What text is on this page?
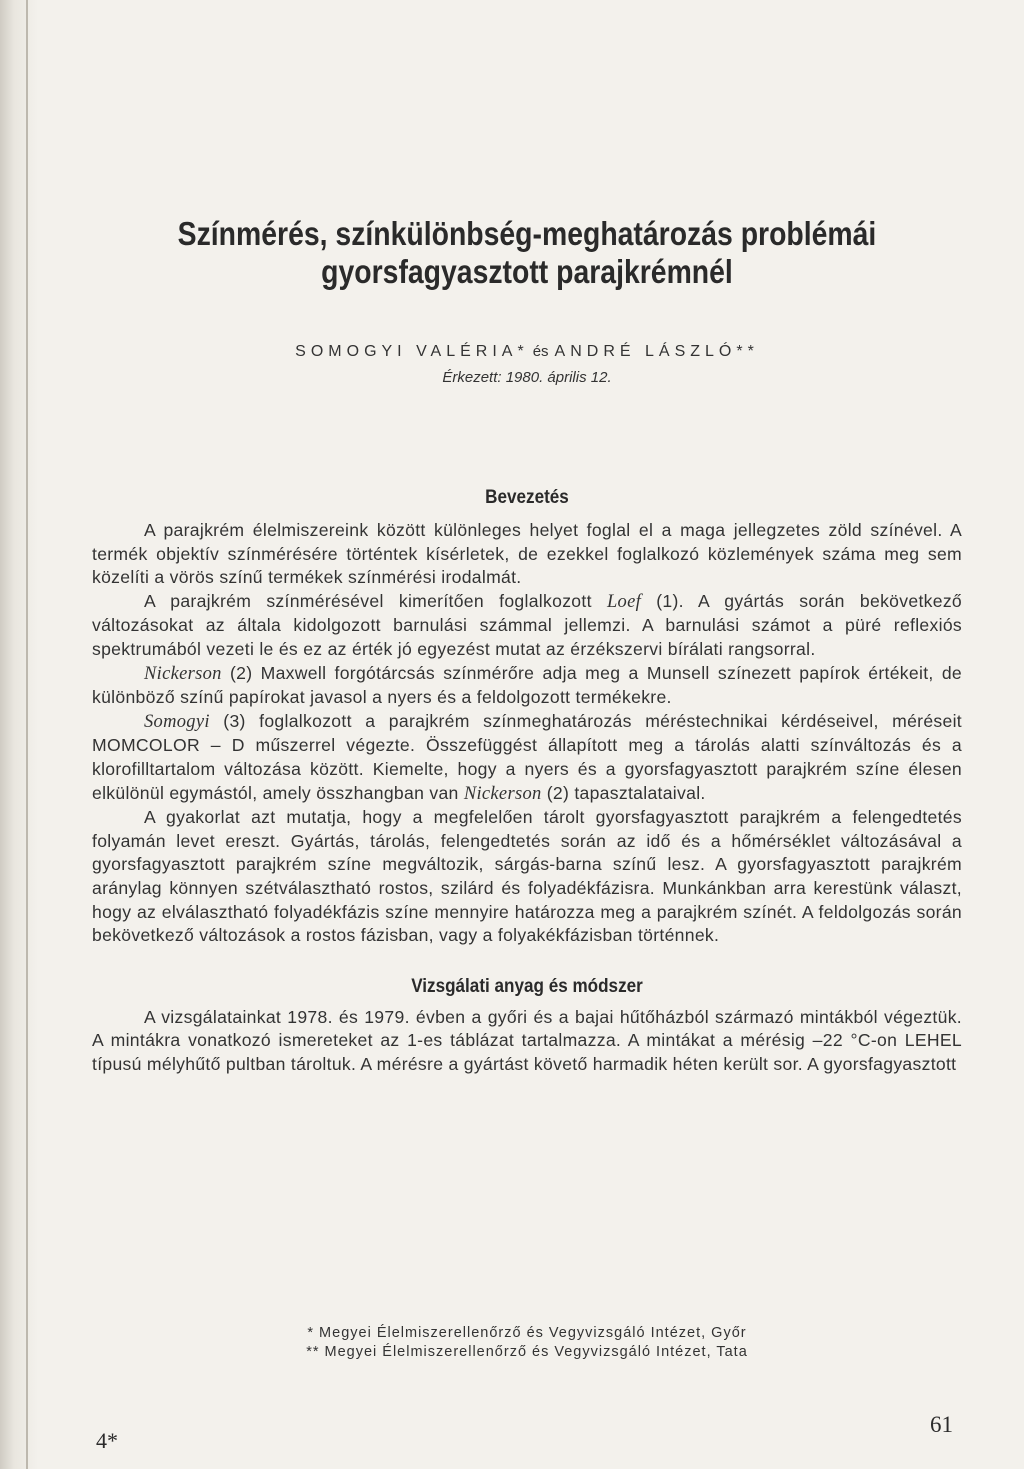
Színmérés, színkülönbség-meghatározás problémái
gyorsfagyasztott parajkrémnél
SOMOGYI VALÉRIA* és ANDRÉ LÁSZLÓ**
Érkezett: 1980. április 12.
Bevezetés

A parajkrém élelmiszereink között különleges helyet foglal el a maga jellegzetes zöld színével. A termék objektív színmérésére történtek kísérletek, de ezekkel foglalkozó közlemények száma meg sem közelíti a vörös színű termékek színmérési irodalmát.

A parajkrém színmérésével kimerítően foglalkozott Loef (1). A gyártás során bekövetkező változásokat az általa kidolgozott barnulási számmal jellemzi. A barnulási számot a püré reflexiós spektrumából vezeti le és ez az érték jó egyezést mutat az érzékszervi bírálati rangsorral.

Nickerson (2) Maxwell forgótárcsás színmérőre adja meg a Munsell színezett papírok értékeit, de különböző színű papírokat javasol a nyers és a feldolgozott termékekre.

Somogyi (3) foglalkozott a parajkrém színmeghatározás méréstechnikai kérdéseivel, méréseit MOMCOLOR – D műszerrel végezte. Összefüggést állapított meg a tárolás alatti színváltozás és a klorofilltartalom változása között. Kiemelte, hogy a nyers és a gyorsfagyasztott parajkrém színe élesen elkülönül egymástól, amely összhangban van Nickerson (2) tapasztalataival.

A gyakorlat azt mutatja, hogy a megfelelően tárolt gyorsfagyasztott parajkrém a felengedtetés folyamán levet ereszt. Gyártás, tárolás, felengedtetés során az idő és a hőmérséklet változásával a gyorsfagyasztott parajkrém színe megváltozik, sárgás-barna színű lesz. A gyorsfagyasztott parajkrém aránylag könnyen szétválasztható rostos, szilárd és folyadékfázisra. Munkánkban arra kerestünk választ, hogy az elválasztható folyadékfázis színe mennyire határozza meg a parajkrém színét. A feldolgozás során bekövetkező változások a rostos fázisban, vagy a folyakékfázisban történnek.

Vizsgálati anyag és módszer

A vizsgálatainkat 1978. és 1979. évben a győri és a bajai hűtőházból származó mintákból végeztük. A mintákra vonatkozó ismereteket az 1-es táblázat tartalmazza. A mintákat a mérésig –22 °C-on LEHEL típusú mélyhűtő pultban tároltuk. A mérésre a gyártást követő harmadik héten került sor. A gyorsfagyasztott

* Megyei Élelmiszerellenőrző és Vegyvizsgáló Intézet, Győr
** Megyei Élelmiszerellenőrző és Vegyvizsgáló Intézet, Tata
4*
61
